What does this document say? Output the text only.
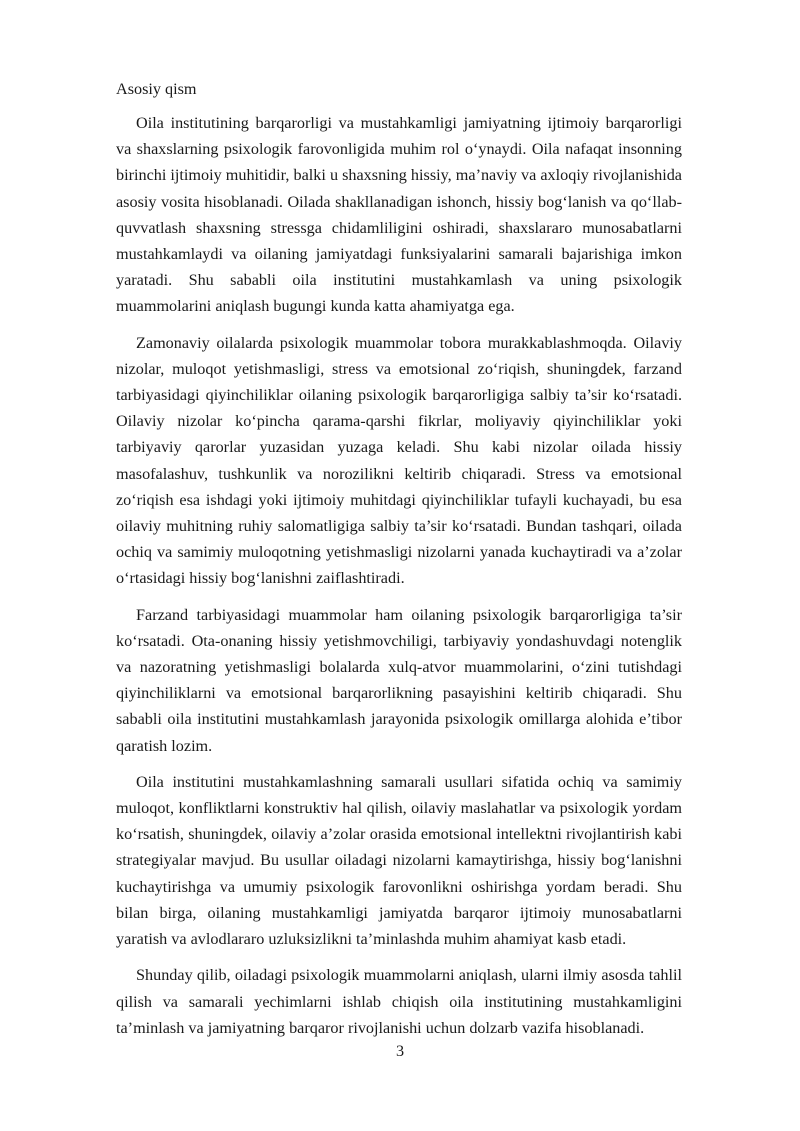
Asosiy qism

Oila institutining barqarorligi va mustahkamligi jamiyatning ijtimoiy barqarorligi va shaxslarning psixologik farovonligida muhim rol o‘ynaydi. Oila nafaqat insonning birinchi ijtimoiy muhitidir, balki u shaxsning hissiy, ma’naviy va axloqiy rivojlanishida asosiy vosita hisoblanadi. Oilada shakllanadigan ishonch, hissiy bog‘lanish va qo‘llab-quvvatlash shaxsning stressga chidamliligini oshiradi, shaxslararo munosabatlarni mustahkamlaydi va oilaning jamiyatdagi funksiyalarini samarali bajarishiga imkon yaratadi. Shu sababli oila institutini mustahkamlash va uning psixologik muammolarini aniqlash bugungi kunda katta ahamiyatga ega.

Zamonaviy oilalarda psixologik muammolar tobora murakkablashmoqda. Oilaviy nizolar, muloqot yetishmasligi, stress va emotsional zo‘riqish, shuningdek, farzand tarbiyasidagi qiyinchiliklar oilaning psixologik barqarorligiga salbiy ta’sir ko‘rsatadi. Oilaviy nizolar ko‘pincha qarama-qarshi fikrlar, moliyaviy qiyinchiliklar yoki tarbiyaviy qarorlar yuzasidan yuzaga keladi. Shu kabi nizolar oilada hissiy masofalashuv, tushkunlik va norozilikni keltirib chiqaradi. Stress va emotsional zo‘riqish esa ishdagi yoki ijtimoiy muhitdagi qiyinchiliklar tufayli kuchayadi, bu esa oilaviy muhitning ruhiy salomatligiga salbiy ta’sir ko‘rsatadi. Bundan tashqari, oilada ochiq va samimiy muloqotning yetishmasligi nizolarni yanada kuchaytiradi va a’zolar o‘rtasidagi hissiy bog‘lanishni zaiflashtiradi.

Farzand tarbiyasidagi muammolar ham oilaning psixologik barqarorligiga ta’sir ko‘rsatadi. Ota-onaning hissiy yetishmovchiligi, tarbiyaviy yondashuvdagi notenglik va nazoratning yetishmasligi bolalarda xulq-atvor muammolarini, o‘zini tutishdagi qiyinchiliklarni va emotsional barqarorlikning pasayishini keltirib chiqaradi. Shu sababli oila institutini mustahkamlash jarayonida psixologik omillarga alohida e’tibor qaratish lozim.

Oila institutini mustahkamlashning samarali usullari sifatida ochiq va samimiy muloqot, konfliktlarni konstruktiv hal qilish, oilaviy maslahatlar va psixologik yordam ko‘rsatish, shuningdek, oilaviy a’zolar orasida emotsional intellektni rivojlantirish kabi strategiyalar mavjud. Bu usullar oiladagi nizolarni kamaytirishga, hissiy bog‘lanishni kuchaytirishga va umumiy psixologik farovonlikni oshirishga yordam beradi. Shu bilan birga, oilaning mustahkamligi jamiyatda barqaror ijtimoiy munosabatlarni yaratish va avlodlararo uzluksizlikni ta’minlashda muhim ahamiyat kasb etadi.

Shunday qilib, oiladagi psixologik muammolarni aniqlash, ularni ilmiy asosda tahlil qilish va samarali yechimlarni ishlab chiqish oila institutining mustahkamligini ta’minlash va jamiyatning barqaror rivojlanishi uchun dolzarb vazifa hisoblanadi.

3
